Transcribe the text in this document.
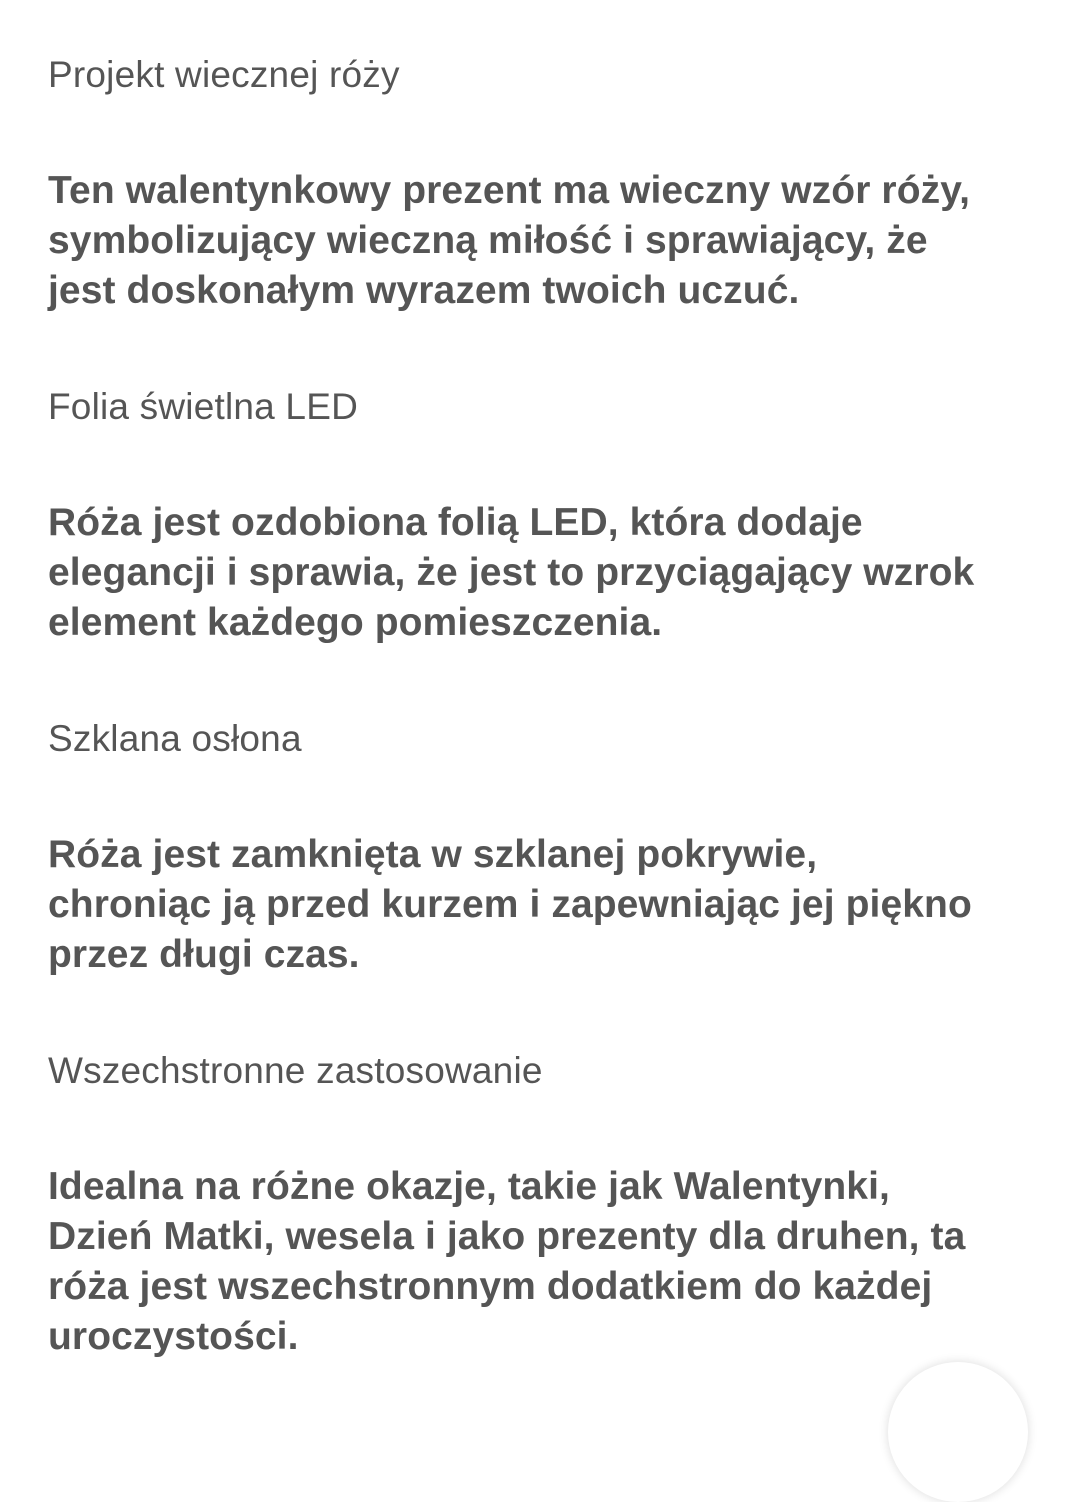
Projekt wiecznej róży

Ten walentynkowy prezent ma wieczny wzór róży,
symbolizujący wieczną miłość i sprawiający, że
jest doskonałym wyrazem twoich uczuć.

Folia świetlna LED

Róża jest ozdobiona folią LED, która dodaje
elegancji i sprawia, że jest to przyciągający wzrok
element każdego pomieszczenia.

Szklana osłona

Róża jest zamknięta w szklanej pokrywie,
chroniąc ją przed kurzem i zapewniając jej piękno
przez długi czas.

Wszechstronne zastosowanie

Idealna na różne okazje, takie jak Walentynki,
Dzień Matki, wesela i jako prezenty dla druhen, ta
róża jest wszechstronnym dodatkiem do każdej
uroczystości.
